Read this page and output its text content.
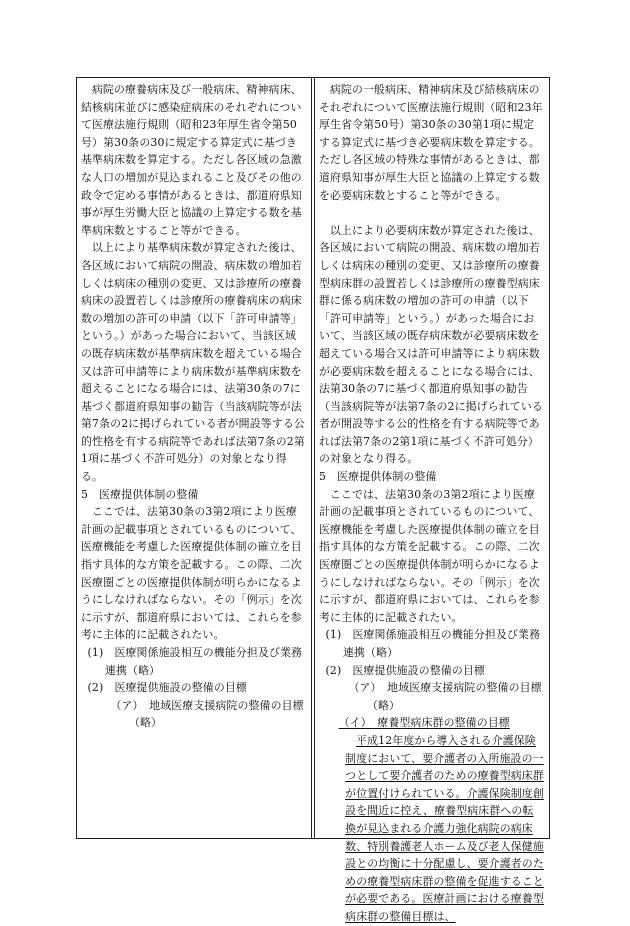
病院の療養病床及び一般病床、精神病床、結核病床並びに感染症病床のそれぞれについて医療法施行規則（昭和23年厚生省令第50号）第30条の30に規定する算定式に基づき基準病床数を算定する。ただし各区域の急激な人口の増加が見込まれること及びその他の政令で定める事情があるときは、都道府県知事が厚生労働大臣と協議の上算定する数を基準病床数とすること等ができる。

以上により基準病床数が算定された後は、各区域において病院の開設、病床数の増加若しくは病床の種別の変更、又は診療所の療養病床の設置若しくは診療所の療養病床の病床数の増加の許可の申請（以下「許可申請等」という。）があった場合において、当該区域の既存病床数が基準病床数を超えている場合又は許可申請等により病床数が基準病床数を超えることになる場合には、法第30条の7に基づく都道府県知事の勧告（当該病院等が法第7条の2に掲げられている者が開設等する公的性格を有する病院等であれば法第7条の2第1項に基づく不許可処分）の対象となり得る。

5　医療提供体制の整備

ここでは、法第30条の3第2項により医療計画の記載事項とされているものについて、医療機能を考慮した医療提供体制の確立を目指す具体的な方策を記載する。この際、二次医療圏ごとの医療提供体制が明らかになるようにしなければならない。その「例示」を次に示すが、都道府県においては、これらを参考に主体的に記載されたい。

(1)　医療関係施設相互の機能分担及び業務連携（略）

(2)　医療提供施設の整備の目標

（ア）　地域医療支援病院の整備の目標（略）

病院の一般病床、精神病床及び結核病床のそれぞれについて医療法施行規則（昭和23年厚生省令第50号）第30条の30第1項に規定する算定式に基づき必要病床数を算定する。ただし各区域の特殊な事情があるときは、都道府県知事が厚生大臣と協議の上算定する数を必要病床数とすること等ができる。

以上により必要病床数が算定された後は、各区域において病院の開設、病床数の増加若しくは病床の種別の変更、又は診療所の療養型病床群の設置若しくは診療所の療養型病床群に係る病床数の増加の許可の申請（以下「許可申請等」という。）があった場合において、当該区域の既存病床数が必要病床数を超えている場合又は許可申請等により病床数が必要病床数を超えることになる場合には、法第30条の7に基づく都道府県知事の勧告（当該病院等が法第7条の2に掲げられている者が開設等する公的性格を有する病院等であれば法第7条の2第1項に基づく不許可処分）の対象となり得る。

5　医療提供体制の整備

ここでは、法第30条の3第2項により医療計画の記載事項とされているものについて、医療機能を考慮した医療提供体制の確立を目指す具体的な方策を記載する。この際、二次医療圏ごとの医療提供体制が明らかになるようにしなければならない。その「例示」を次に示すが、都道府県においては、これらを参考に主体的に記載されたい。

(1)　医療関係施設相互の機能分担及び業務連携（略）

(2)　医療提供施設の整備の目標

（ア）　地域医療支援病院の整備の目標（略）

（イ）　療養型病床群の整備の目標

平成12年度から導入される介護保険制度において、要介護者の入所施設の一つとして要介護者のための療養型病床群が位置付けられている。介護保険制度創設を間近に控え、療養型病床群への転換が見込まれる介護力強化病院の病床数、特別養護老人ホーム及び老人保健施設との均衡に十分配慮し、要介護者のための療養型病床群の整備を促進することが必要である。医療計画における療養型病床群の整備目標は、
